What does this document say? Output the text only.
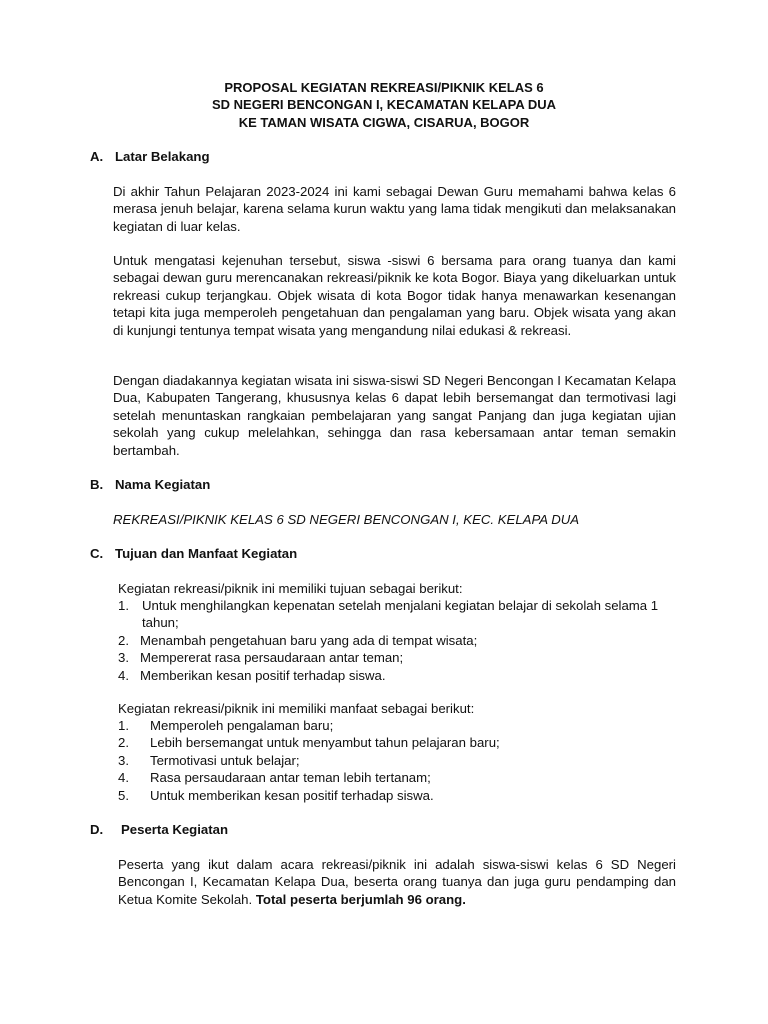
PROPOSAL KEGIATAN REKREASI/PIKNIK KELAS 6
SD NEGERI BENCONGAN I, KECAMATAN KELAPA DUA
KE TAMAN WISATA CIGWA, CISARUA, BOGOR
A. Latar Belakang
Di akhir Tahun Pelajaran 2023-2024 ini kami sebagai Dewan Guru memahami bahwa kelas 6 merasa jenuh belajar, karena selama kurun waktu yang lama tidak mengikuti dan melaksanakan kegiatan di luar kelas.
Untuk mengatasi kejenuhan tersebut, siswa -siswi 6 bersama para orang tuanya dan kami sebagai dewan guru merencanakan rekreasi/piknik ke kota Bogor. Biaya yang dikeluarkan untuk rekreasi cukup terjangkau. Objek wisata di kota Bogor tidak hanya menawarkan kesenangan tetapi kita juga memperoleh pengetahuan dan pengalaman yang baru. Objek wisata yang akan di kunjungi tentunya tempat wisata yang mengandung nilai edukasi & rekreasi.
Dengan diadakannya kegiatan wisata ini siswa-siswi SD Negeri Bencongan I Kecamatan Kelapa Dua, Kabupaten Tangerang, khususnya kelas 6 dapat lebih bersemangat dan termotivasi lagi setelah menuntaskan rangkaian pembelajaran yang sangat Panjang dan juga kegiatan ujian sekolah yang cukup melelahkan, sehingga dan rasa kebersamaan antar teman semakin bertambah.
B. Nama Kegiatan
REKREASI/PIKNIK KELAS 6 SD NEGERI BENCONGAN I, KEC. KELAPA DUA
C. Tujuan dan Manfaat Kegiatan
Kegiatan rekreasi/piknik ini memiliki tujuan sebagai berikut:
1. Untuk menghilangkan kepenatan setelah menjalani kegiatan belajar di sekolah selama 1 tahun;
2. Menambah pengetahuan baru yang ada di tempat wisata;
3. Mempererat rasa persaudaraan antar teman;
4. Memberikan kesan positif terhadap siswa.
Kegiatan rekreasi/piknik ini memiliki manfaat sebagai berikut:
1. Memperoleh pengalaman baru;
2. Lebih bersemangat untuk menyambut tahun pelajaran baru;
3. Termotivasi untuk belajar;
4. Rasa persaudaraan antar teman lebih tertanam;
5. Untuk memberikan kesan positif terhadap siswa.
D. Peserta Kegiatan
Peserta yang ikut dalam acara rekreasi/piknik ini adalah siswa-siswi kelas 6 SD Negeri Bencongan I, Kecamatan Kelapa Dua, beserta orang tuanya dan juga guru pendamping dan Ketua Komite Sekolah. Total peserta berjumlah 96 orang.
